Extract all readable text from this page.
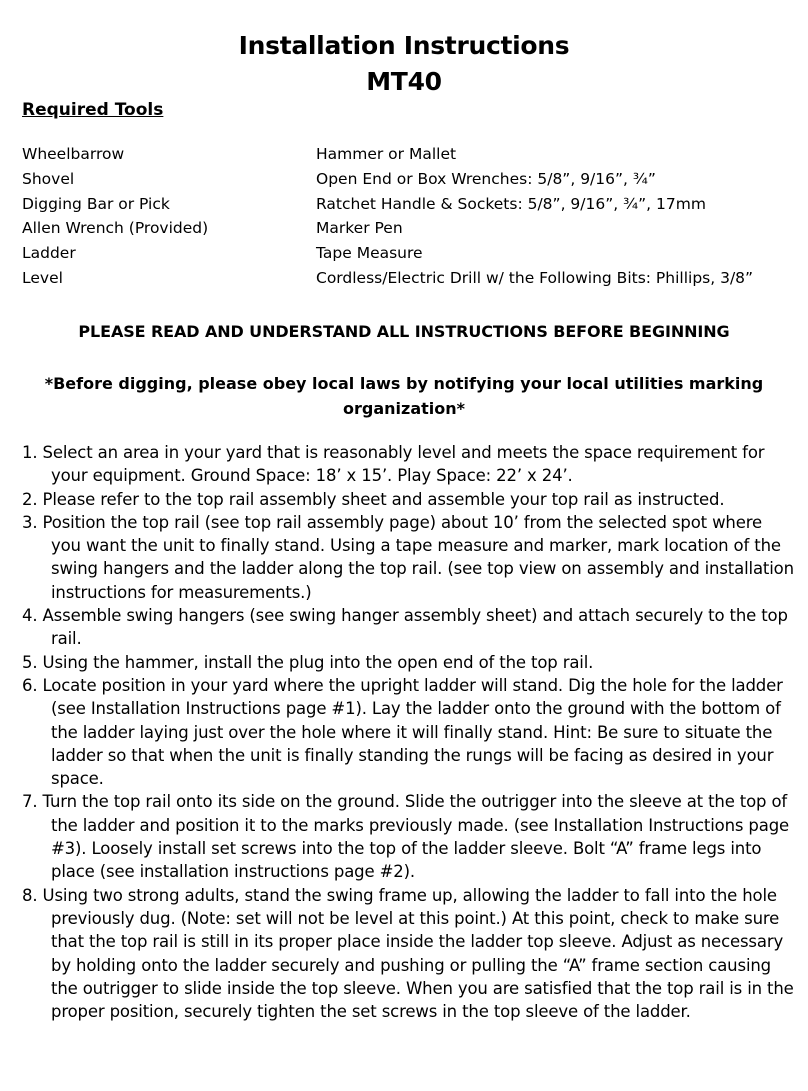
Installation Instructions
MT40
Required Tools
Wheelbarrow	Hammer or Mallet
Shovel	Open End or Box Wrenches: 5/8”, 9/16”, ¾”
Digging Bar or Pick	Ratchet Handle & Sockets: 5/8”, 9/16”, ¾”, 17mm
Allen Wrench (Provided)	Marker Pen
Ladder	Tape Measure
Level	Cordless/Electric Drill w/ the Following Bits: Phillips, 3/8”
PLEASE READ AND UNDERSTAND ALL INSTRUCTIONS BEFORE BEGINNING
*Before digging, please obey local laws by notifying your local utilities marking organization*
1. Select an area in your yard that is reasonably level and meets the space requirement for your equipment. Ground Space: 18’ x 15’. Play Space: 22’ x 24’.
2. Please refer to the top rail assembly sheet and assemble your top rail as instructed.
3. Position the top rail (see top rail assembly page) about 10’ from the selected spot where you want the unit to finally stand. Using a tape measure and marker, mark location of the swing hangers and the ladder along the top rail. (see top view on assembly and installation instructions for measurements.)
4. Assemble swing hangers (see swing hanger assembly sheet) and attach securely to the top rail.
5. Using the hammer, install the plug into the open end of the top rail.
6. Locate position in your yard where the upright ladder will stand. Dig the hole for the ladder (see Installation Instructions page #1). Lay the ladder onto the ground with the bottom of the ladder laying just over the hole where it will finally stand. Hint: Be sure to situate the ladder so that when the unit is finally standing the rungs will be facing as desired in your space.
7. Turn the top rail onto its side on the ground. Slide the outrigger into the sleeve at the top of the ladder and position it to the marks previously made. (see Installation Instructions page #3). Loosely install set screws into the top of the ladder sleeve. Bolt “A” frame legs into place (see installation instructions page #2).
8. Using two strong adults, stand the swing frame up, allowing the ladder to fall into the hole previously dug. (Note: set will not be level at this point.) At this point, check to make sure that the top rail is still in its proper place inside the ladder top sleeve. Adjust as necessary by holding onto the ladder securely and pushing or pulling the “A” frame section causing the outrigger to slide inside the top sleeve. When you are satisfied that the top rail is in the proper position, securely tighten the set screws in the top sleeve of the ladder.
